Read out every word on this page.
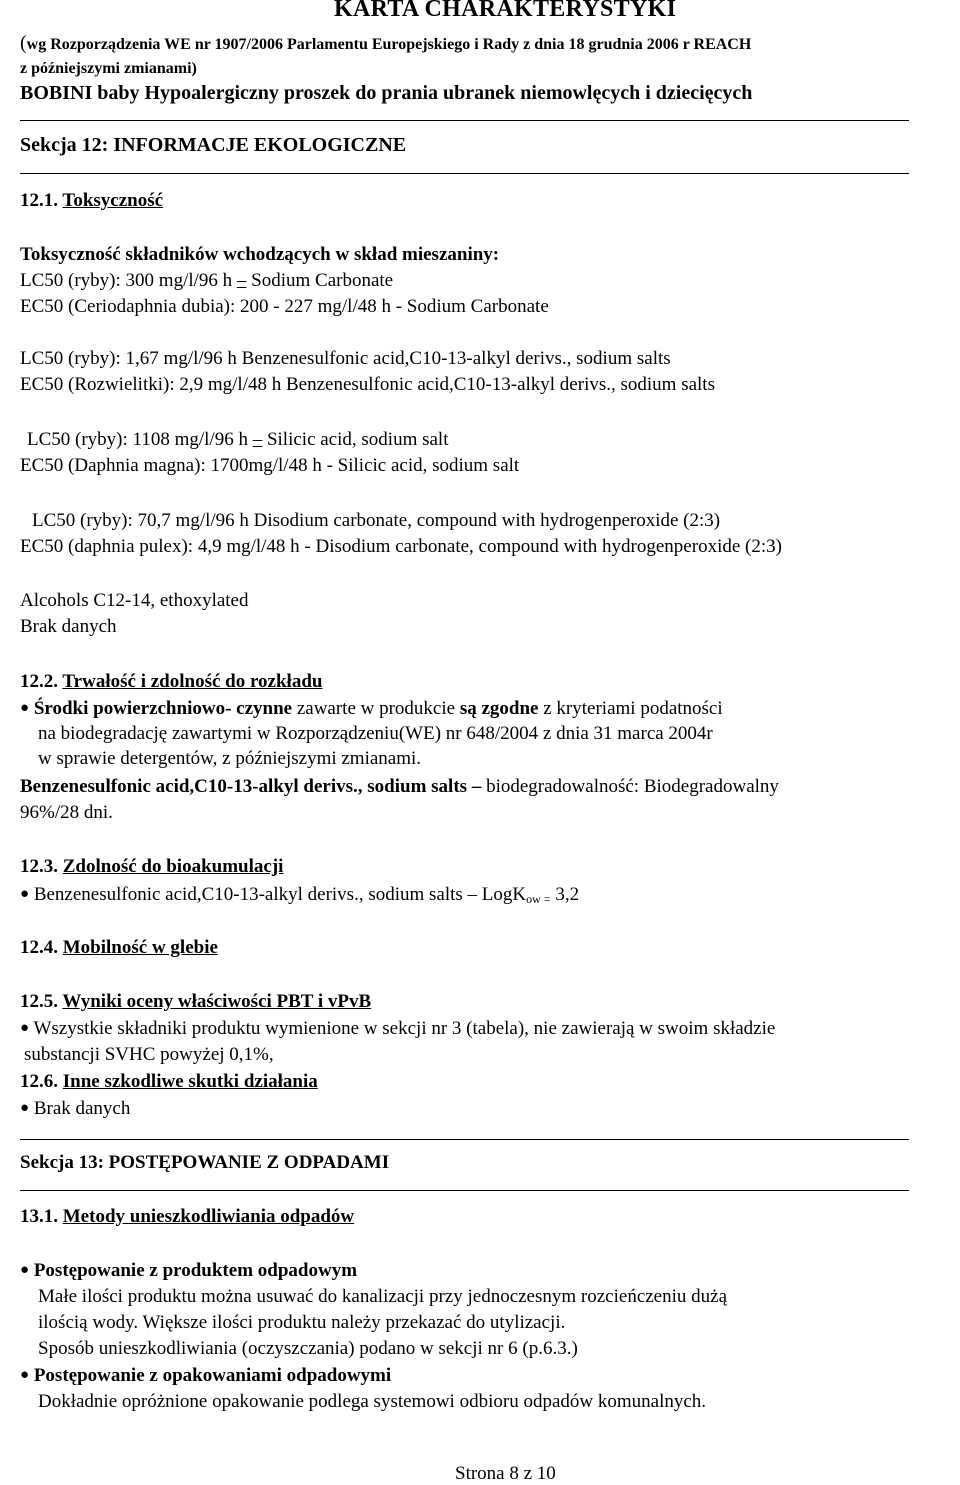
KARTA CHARAKTERYSTYKI
(wg Rozporządzenia WE nr 1907/2006 Parlamentu Europejskiego i Rady z dnia 18 grudnia 2006 r REACH
z późniejszymi zmianami)
BOBINI baby Hypoalergiczny proszek do prania ubranek niemowlęcych i dziecięcych
Sekcja 12: INFORMACJE EKOLOGICZNE
12.1. Toksyczność
Toksyczność składników wchodzących w skład mieszaniny:
LC50 (ryby): 300 mg/l/96 h – Sodium Carbonate
EC50 (Ceriodaphnia dubia): 200 - 227 mg/l/48 h - Sodium Carbonate
LC50 (ryby): 1,67 mg/l/96 h Benzenesulfonic acid,C10-13-alkyl derivs., sodium salts
EC50 (Rozwielitki): 2,9 mg/l/48 h Benzenesulfonic acid,C10-13-alkyl derivs., sodium salts
LC50 (ryby): 1108 mg/l/96 h – Silicic acid, sodium salt
EC50 (Daphnia magna): 1700mg/l/48 h - Silicic acid, sodium salt
LC50 (ryby): 70,7 mg/l/96 h Disodium carbonate, compound with hydrogenperoxide (2:3)
EC50 (daphnia pulex): 4,9 mg/l/48 h - Disodium carbonate, compound with hydrogenperoxide (2:3)
Alcohols C12-14, ethoxylated
Brak danych
12.2. Trwałość i zdolność do rozkładu
● Środki powierzchniowo- czynne zawarte w produkcie są zgodne z kryteriami podatności
na biodegradację zawartymi w Rozporządzeniu(WE) nr 648/2004 z dnia 31 marca 2004r
w sprawie detergentów, z późniejszymi zmianami.
Benzenesulfonic acid,C10-13-alkyl derivs., sodium salts – biodegradowalność: Biodegradowalny
96%/28 dni.
12.3. Zdolność do bioakumulacji
● Benzenesulfonic acid,C10-13-alkyl derivs., sodium salts – LogK$_{ow =}$ 3,2
12.4. Mobilność w glebie
12.5. Wyniki oceny właściwości PBT i vPvB
● Wszystkie składniki produktu wymienione w sekcji nr 3 (tabela), nie zawierają w swoim składzie
substancji SVHC powyżej 0,1%,
12.6. Inne szkodliwe skutki działania
● Brak danych
Sekcja 13: POSTĘPOWANIE Z ODPADAMI
13.1. Metody unieszkodliwiania odpadów
● Postępowanie z produktem odpadowym
Małe ilości produktu można usuwać do kanalizacji przy jednoczesnym rozcieńczeniu dużą
ilością wody. Większe ilości produktu należy przekazać do utylizacji.
Sposób unieszkodliwiania (oczyszczania) podano w sekcji nr 6 (p.6.3.)
● Postępowanie z opakowaniami odpadowymi
Dokładnie opróżnione opakowanie podlega systemowi odbioru odpadów komunalnych.
Strona 8 z 10
